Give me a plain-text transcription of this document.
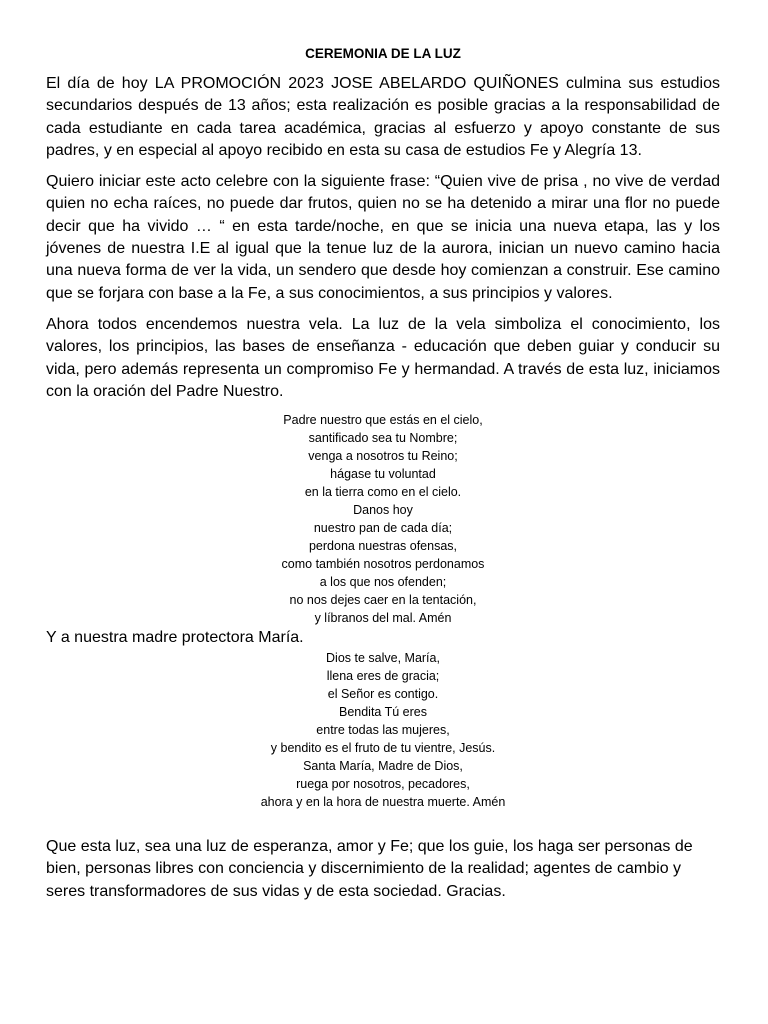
CEREMONIA DE LA LUZ

El día de hoy LA PROMOCIÓN 2023 JOSE ABELARDO QUIÑONES culmina sus estudios secundarios después de 13 años; esta realización es posible gracias a la responsabilidad de cada estudiante en cada tarea académica, gracias al esfuerzo y apoyo constante de sus padres, y en especial al apoyo recibido en esta su casa de estudios Fe y Alegría 13.

Quiero iniciar este acto celebre con la siguiente frase: “Quien vive de prisa , no vive de verdad quien no echa raíces, no puede dar frutos, quien no se ha detenido a mirar una flor no puede decir que ha vivido … “ en esta tarde/noche, en que se inicia una nueva etapa, las y los jóvenes de nuestra I.E al igual que la tenue luz de la aurora, inician un nuevo camino hacia una nueva forma de ver la vida, un sendero que desde hoy comienzan a construir. Ese camino que se forjara con base a la Fe, a sus conocimientos, a sus principios y valores.

Ahora todos encendemos nuestra vela. La luz de la vela simboliza el conocimiento, los valores, los principios, las bases de enseñanza - educación que deben guiar y conducir su vida, pero además representa un compromiso Fe y hermandad. A través de esta luz, iniciamos con la oración del Padre Nuestro.

Padre nuestro que estás en el cielo,
santificado sea tu Nombre;
venga a nosotros tu Reino;
hágase tu voluntad
en la tierra como en el cielo.
Danos hoy
nuestro pan de cada día;
perdona nuestras ofensas,
como también nosotros perdonamos
a los que nos ofenden;
no nos dejes caer en la tentación,
y líbranos del mal. Amén

Y a nuestra madre protectora María.

Dios te salve, María,
llena eres de gracia;
el Señor es contigo.
Bendita Tú eres
entre todas las mujeres,
y bendito es el fruto de tu vientre, Jesús.
Santa María, Madre de Dios,
ruega por nosotros, pecadores,
ahora y en la hora de nuestra muerte. Amén

Que esta luz, sea una luz de esperanza, amor y Fe; que los guie, los haga ser personas de bien, personas libres con conciencia y discernimiento de la realidad; agentes de cambio y seres transformadores de sus vidas y de esta sociedad. Gracias.
